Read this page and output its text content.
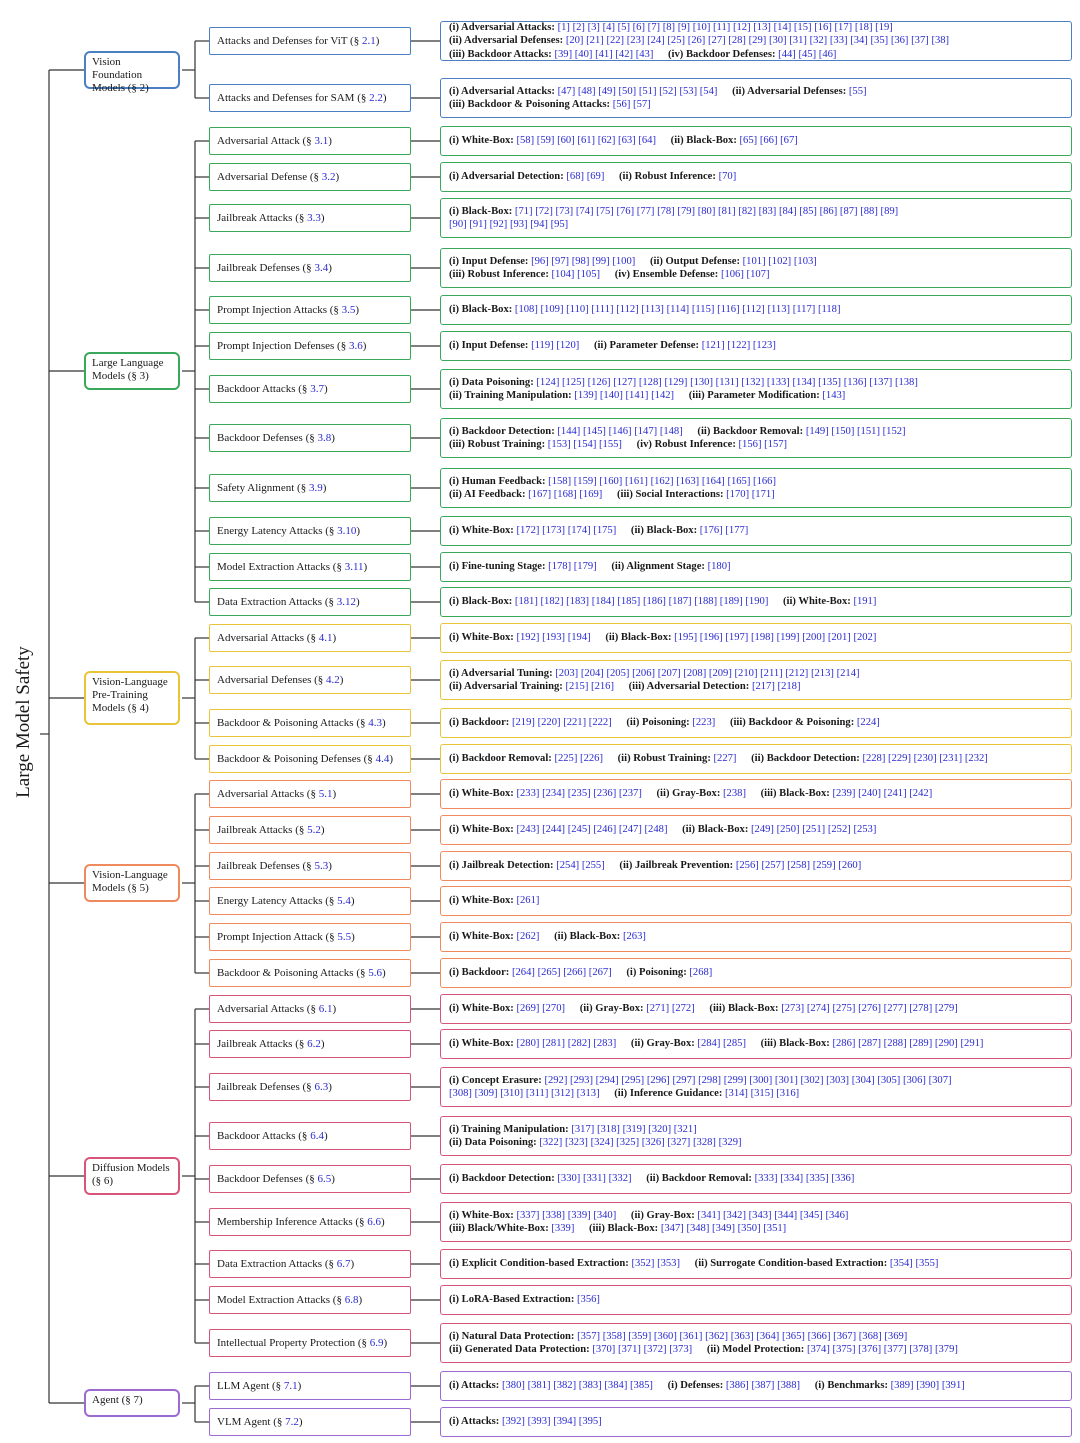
Large Model Safety
Vision Foundation Models (§ 2)
Attacks and Defenses for ViT (§ 2.1)
(i) Adversarial Attacks: [1] [2] [3] [4] [5] [6] [7] [8] [9] [10] [11] [12] [13] [14] [15] [16] [17] [18] [19]
(ii) Adversarial Defenses: [20] [21] [22] [23] [24] [25] [26] [27] [28] [29] [30] [31] [32] [33] [34] [35] [36] [37] [38]
(iii) Backdoor Attacks: [39] [40] [41] [42] [43] (iv) Backdoor Defenses: [44] [45] [46]
Attacks and Defenses for SAM (§ 2.2)
(i) Adversarial Attacks: [47] [48] [49] [50] [51] [52] [53] [54] (ii) Adversarial Defenses: [55]
(iii) Backdoor & Poisoning Attacks: [56] [57]
Large Language Models (§ 3)
Adversarial Attack (§ 3.1)	(i) White-Box: [58] [59] [60] [61] [62] [63] [64] (ii) Black-Box: [65] [66] [67]
Adversarial Defense (§ 3.2)	(i) Adversarial Detection: [68] [69] (ii) Robust Inference: [70]
Jailbreak Attacks (§ 3.3)
(i) Black-Box: [71] [72] [73] [74] [75] [76] [77] [78] [79] [80] [81] [82] [83] [84] [85] [86] [87] [88] [89]
[90] [91] [92] [93] [94] [95]
Jailbreak Defenses (§ 3.4)
(i) Input Defense: [96] [97] [98] [99] [100] (ii) Output Defense: [101] [102] [103]
(iii) Robust Inference: [104] [105] (iv) Ensemble Defense: [106] [107]
Prompt Injection Attacks (§ 3.5)	(i) Black-Box: [108] [109] [110] [111] [112] [113] [114] [115] [116] [112] [113] [117] [118]
Prompt Injection Defenses (§ 3.6)	(i) Input Defense: [119] [120] (ii) Parameter Defense: [121] [122] [123]
Backdoor Attacks (§ 3.7)
(i) Data Poisoning: [124] [125] [126] [127] [128] [129] [130] [131] [132] [133] [134] [135] [136] [137] [138]
(ii) Training Manipulation: [139] [140] [141] [142] (iii) Parameter Modification: [143]
Backdoor Defenses (§ 3.8)
(i) Backdoor Detection: [144] [145] [146] [147] [148] (ii) Backdoor Removal: [149] [150] [151] [152]
(iii) Robust Training: [153] [154] [155] (iv) Robust Inference: [156] [157]
Safety Alignment (§ 3.9)
(i) Human Feedback: [158] [159] [160] [161] [162] [163] [164] [165] [166]
(ii) AI Feedback: [167] [168] [169] (iii) Social Interactions: [170] [171]
Energy Latency Attacks (§ 3.10)	(i) White-Box: [172] [173] [174] [175] (ii) Black-Box: [176] [177]
Model Extraction Attacks (§ 3.11)	(i) Fine-tuning Stage: [178] [179] (ii) Alignment Stage: [180]
Data Extraction Attacks (§ 3.12)	(i) Black-Box: [181] [182] [183] [184] [185] [186] [187] [188] [189] [190] (ii) White-Box: [191]
Vision-Language Pre-Training Models (§ 4)
Adversarial Attacks (§ 4.1)	(i) White-Box: [192] [193] [194] (ii) Black-Box: [195] [196] [197] [198] [199] [200] [201] [202]
Adversarial Defenses (§ 4.2)
(i) Adversarial Tuning: [203] [204] [205] [206] [207] [208] [209] [210] [211] [212] [213] [214]
(ii) Adversarial Training: [215] [216] (iii) Adversarial Detection: [217] [218]
Backdoor & Poisoning Attacks (§ 4.3)	(i) Backdoor: [219] [220] [221] [222] (ii) Poisoning: [223] (iii) Backdoor & Poisoning: [224]
Backdoor & Poisoning Defenses (§ 4.4)	(i) Backdoor Removal: [225] [226] (ii) Robust Training: [227] (ii) Backdoor Detection: [228] [229] [230] [231] [232]
Vision-Language Models (§ 5)
Adversarial Attacks (§ 5.1)	(i) White-Box: [233] [234] [235] [236] [237] (ii) Gray-Box: [238] (iii) Black-Box: [239] [240] [241] [242]
Jailbreak Attacks (§ 5.2)	(i) White-Box: [243] [244] [245] [246] [247] [248] (ii) Black-Box: [249] [250] [251] [252] [253]
Jailbreak Defenses (§ 5.3)	(i) Jailbreak Detection: [254] [255] (ii) Jailbreak Prevention: [256] [257] [258] [259] [260]
Energy Latency Attacks (§ 5.4)	(i) White-Box: [261]
Prompt Injection Attack (§ 5.5)	(i) White-Box: [262] (ii) Black-Box: [263]
Backdoor & Poisoning Attacks (§ 5.6)	(i) Backdoor: [264] [265] [266] [267] (i) Poisoning: [268]
Diffusion Models (§ 6)
Adversarial Attacks (§ 6.1)	(i) White-Box: [269] [270] (ii) Gray-Box: [271] [272] (iii) Black-Box: [273] [274] [275] [276] [277] [278] [279]
Jailbreak Attacks (§ 6.2)	(i) White-Box: [280] [281] [282] [283] (ii) Gray-Box: [284] [285] (iii) Black-Box: [286] [287] [288] [289] [290] [291]
Jailbreak Defenses (§ 6.3)
(i) Concept Erasure: [292] [293] [294] [295] [296] [297] [298] [299] [300] [301] [302] [303] [304] [305] [306] [307]
[308] [309] [310] [311] [312] [313] (ii) Inference Guidance: [314] [315] [316]
Backdoor Attacks (§ 6.4)
(i) Training Manipulation: [317] [318] [319] [320] [321]
(ii) Data Poisoning: [322] [323] [324] [325] [326] [327] [328] [329]
Backdoor Defenses (§ 6.5)	(i) Backdoor Detection: [330] [331] [332] (ii) Backdoor Removal: [333] [334] [335] [336]
Membership Inference Attacks (§ 6.6)
(i) White-Box: [337] [338] [339] [340] (ii) Gray-Box: [341] [342] [343] [344] [345] [346]
(iii) Black/White-Box: [339] (iii) Black-Box: [347] [348] [349] [350] [351]
Data Extraction Attacks (§ 6.7)	(i) Explicit Condition-based Extraction: [352] [353] (ii) Surrogate Condition-based Extraction: [354] [355]
Model Extraction Attacks (§ 6.8)	(i) LoRA-Based Extraction: [356]
Intellectual Property Protection (§ 6.9)
(i) Natural Data Protection: [357] [358] [359] [360] [361] [362] [363] [364] [365] [366] [367] [368] [369]
(ii) Generated Data Protection: [370] [371] [372] [373] (ii) Model Protection: [374] [375] [376] [377] [378] [379]
Agent (§ 7)
LLM Agent (§ 7.1)	(i) Attacks: [380] [381] [382] [383] [384] [385] (i) Defenses: [386] [387] [388] (i) Benchmarks: [389] [390] [391]
VLM Agent (§ 7.2)	(i) Attacks: [392] [393] [394] [395]
